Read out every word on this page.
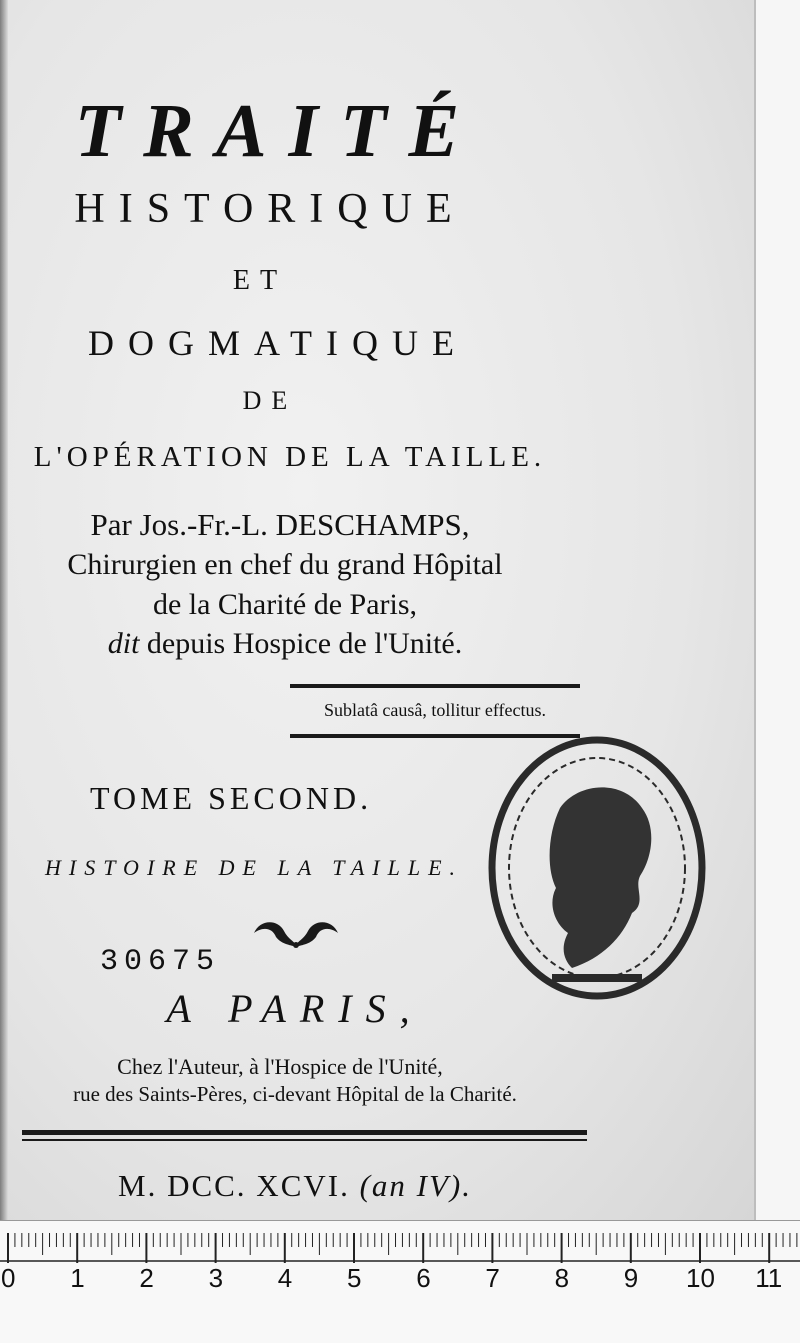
TRAITÉ
HISTORIQUE
ET
DOGMATIQUE
DE
L'OPÉRATION DE LA TAILLE.
Par Jos.-Fr.-L. DESCHAMPS,
Chirurgien en chef du grand Hôpital
de la Charité de Paris,
dit depuis Hospice de l'Unité.
Sublatâ causâ, tollitur effectus.
TOME SECOND.
HISTOIRE DE LA TAILLE.
30675
A PARIS,
Chez l'Auteur, à l'Hospice de l'Unité,
rue des Saints-Pères, ci-devant Hôpital de la Charité.
M. DCC. XCVI. (an IV).
0 1 2 3 4 5 6 7 8 9 10 11
